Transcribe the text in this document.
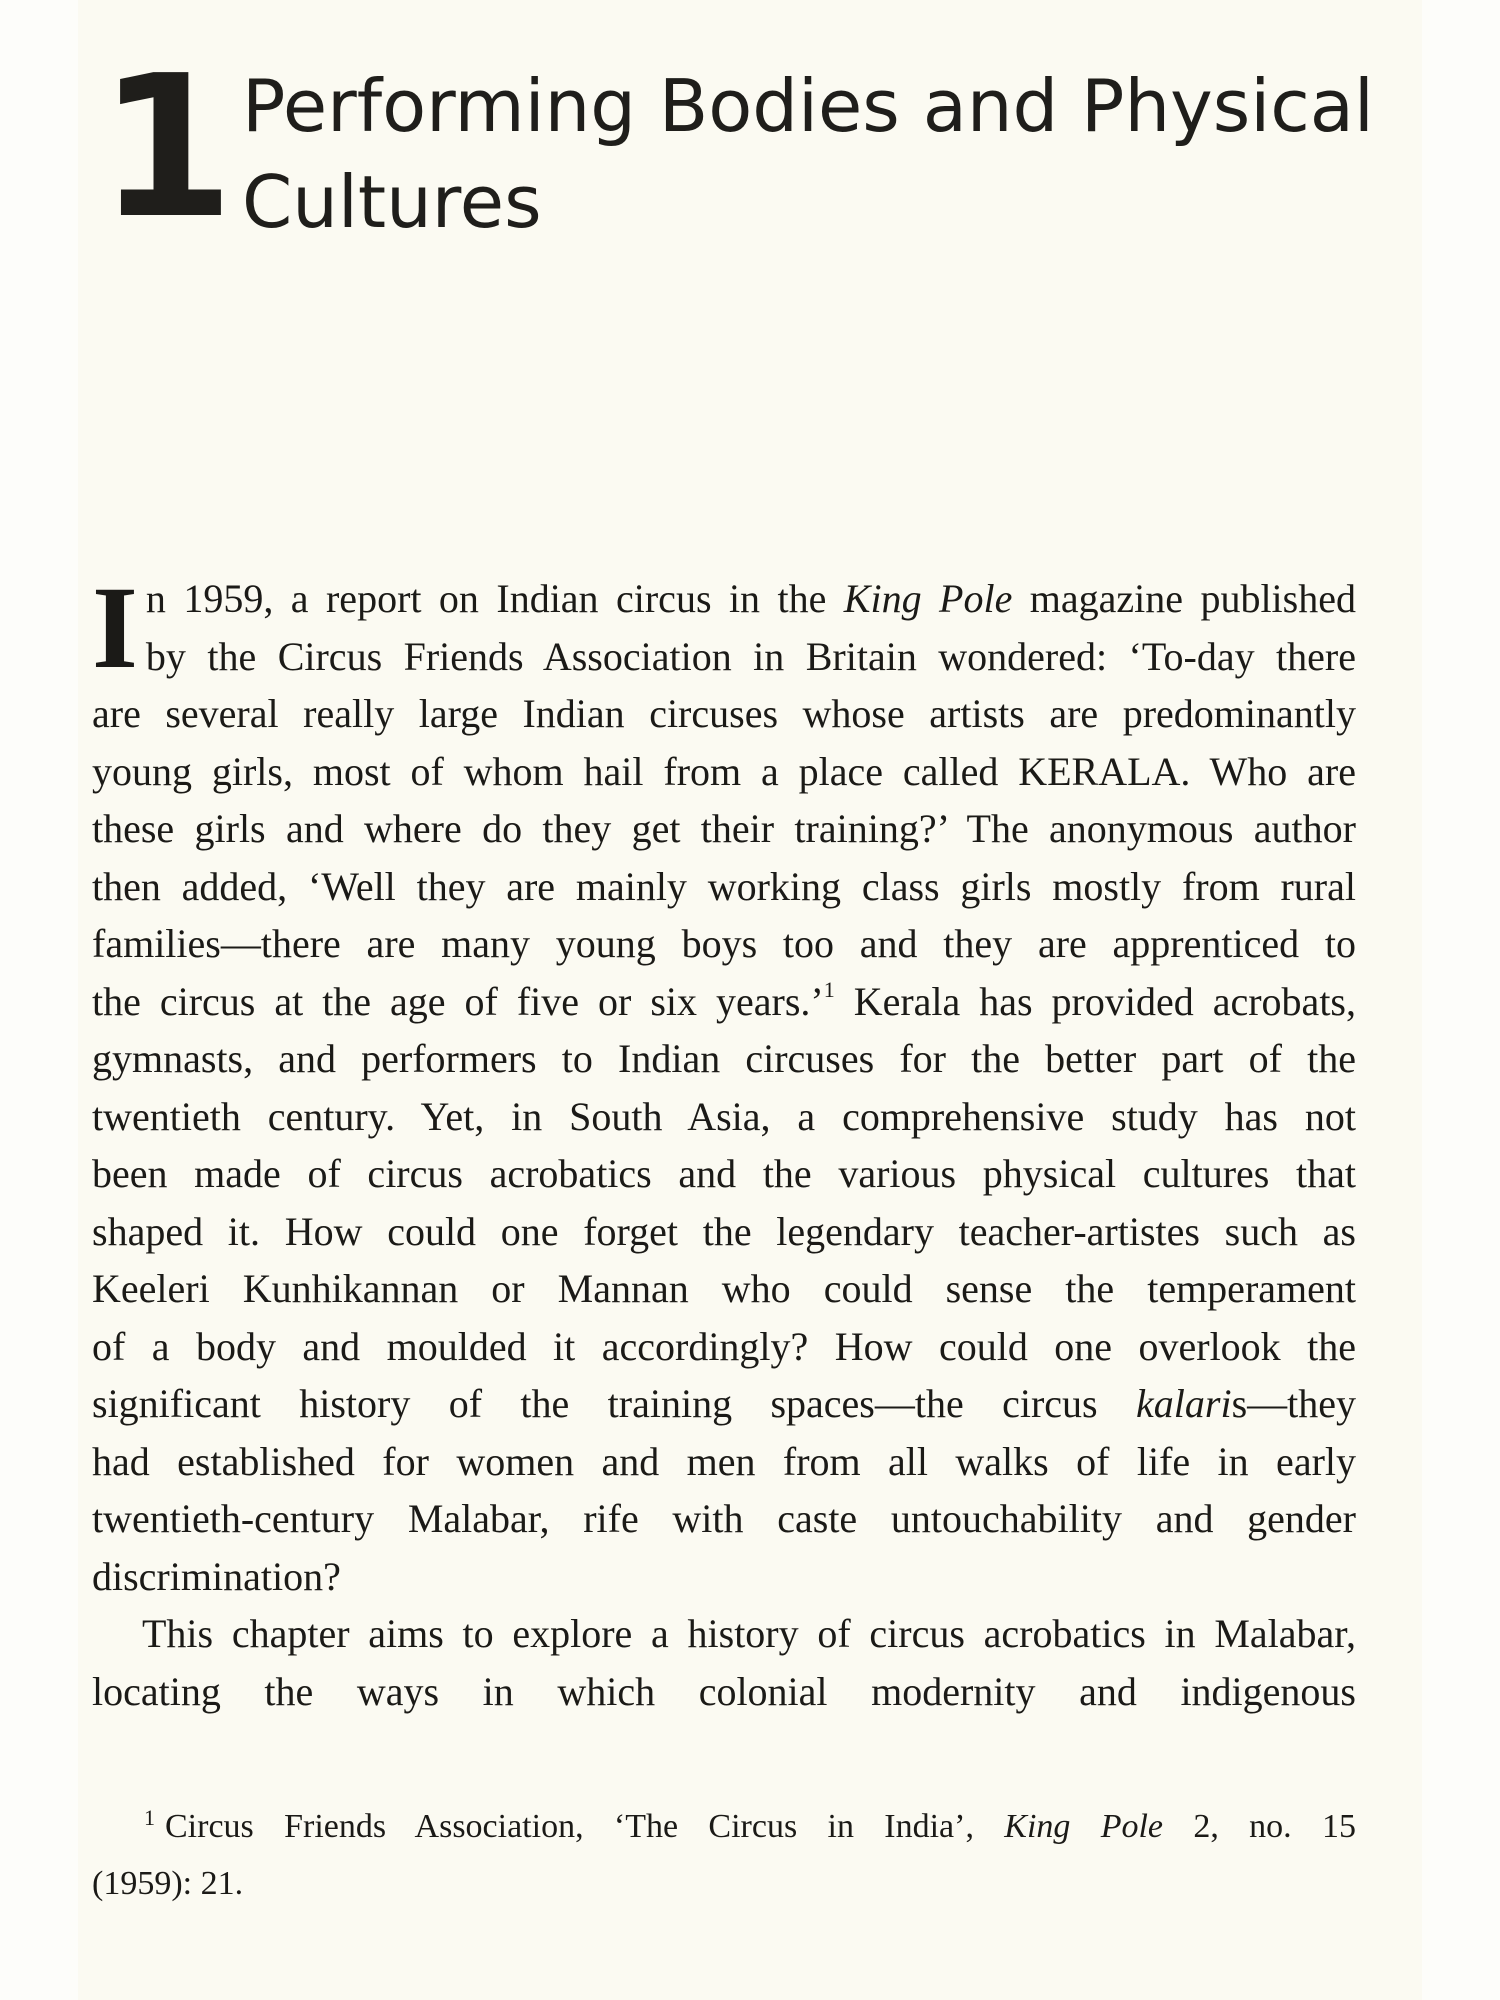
1 Performing Bodies and Physical
Cultures
I n 1959, a report on Indian circus in the King Pole magazine published
by the Circus Friends Association in Britain wondered: ‘To-day there
are several really large Indian circuses whose artists are predominantly
young girls, most of whom hail from a place called KERALA. Who are
these girls and where do they get their training?’ The anonymous author
then added, ‘Well they are mainly working class girls mostly from rural
families—there are many young boys too and they are apprenticed to
the circus at the age of five or six years.’$^1$ Kerala has provided acrobats,
gymnasts, and performers to Indian circuses for the better part of the
twentieth century. Yet, in South Asia, a comprehensive study has not
been made of circus acrobatics and the various physical cultures that
shaped it. How could one forget the legendary teacher-artistes such as
Keeleri Kunhikannan or Mannan who could sense the temperament
of a body and moulded it accordingly? How could one overlook the
significant history of the training spaces—the circus kalaris—they
had established for women and men from all walks of life in early
twentieth-century Malabar, rife with caste untouchability and gender
discrimination?
This chapter aims to explore a history of circus acrobatics in Malabar,
locating the ways in which colonial modernity and indigenous
$^1$ Circus Friends Association, ‘The Circus in India’, King Pole 2, no. 15
(1959): 21.
